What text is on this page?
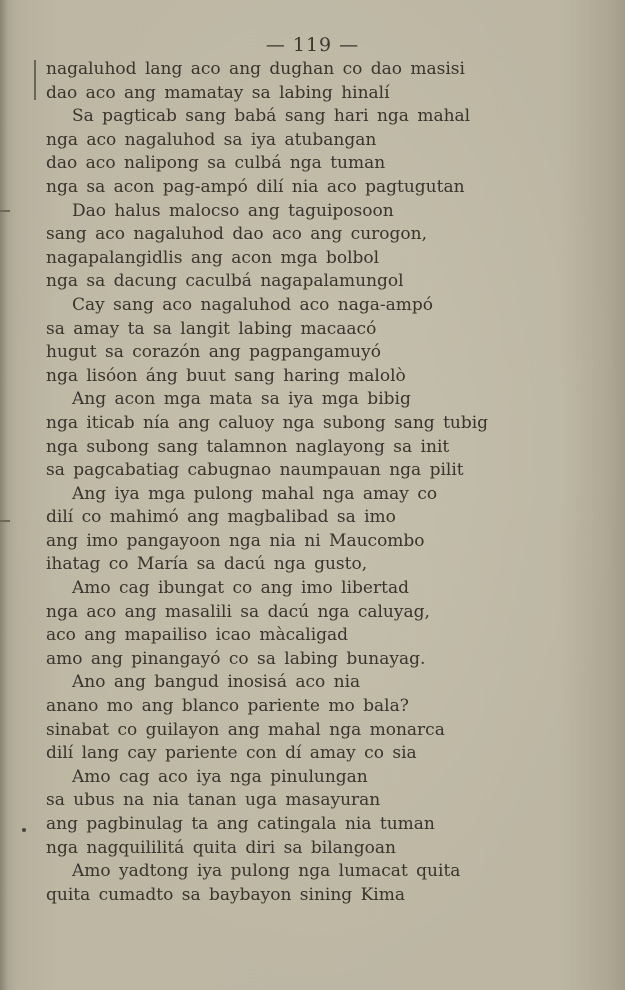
— 119 —
nagaluhod lang aco ang dughan co dao masisi
dao aco ang mamatay sa labing hinalí
Sa pagticab sang babá sang hari nga mahal
nga aco nagaluhod sa iya atubangan
dao aco nalipong sa culbá nga tuman
nga sa acon pag-ampó dilí nia aco pagtugutan
Dao halus malocso ang taguiposoon
sang aco nagaluhod dao aco ang curogon,
nagapalangidlis ang acon mga bolbol
nga sa dacung caculbá nagapalamungol
Cay sang aco nagaluhod aco naga-ampó
sa amay ta sa langit labing macaacó
hugut sa corazón ang pagpangamuyó
nga lisóon áng buut sang haring malolò
Ang acon mga mata sa iya mga bibig
nga iticab nía ang caluoy nga subong sang tubig
nga subong sang talamnon naglayong sa init
sa pagcabatiag cabugnao naumpauan nga pilit
Ang iya mga pulong mahal nga amay co
dilí co mahimó ang magbalibad sa imo
ang imo pangayoon nga nia ni Maucombo
ihatag co María sa dacú nga gusto,
Amo cag ibungat co ang imo libertad
nga aco ang masalili sa dacú nga caluyag,
aco ang mapailiso icao màcaligad
amo ang pinangayó co sa labing bunayag.
Ano ang bangud inosisá aco nia
anano mo ang blanco pariente mo bala?
sinabat co guilayon ang mahal nga monarca
dilí lang cay pariente con dí amay co sia
Amo cag aco iya nga pinulungan
sa ubus na nia tanan uga masayuran
ang pagbinulag ta ang catingala nia tuman
nga nagquililitá quita diri sa bilangoan
Amo yadtong iya pulong nga lumacat quita
quita cumadto sa baybayon sining Kima
